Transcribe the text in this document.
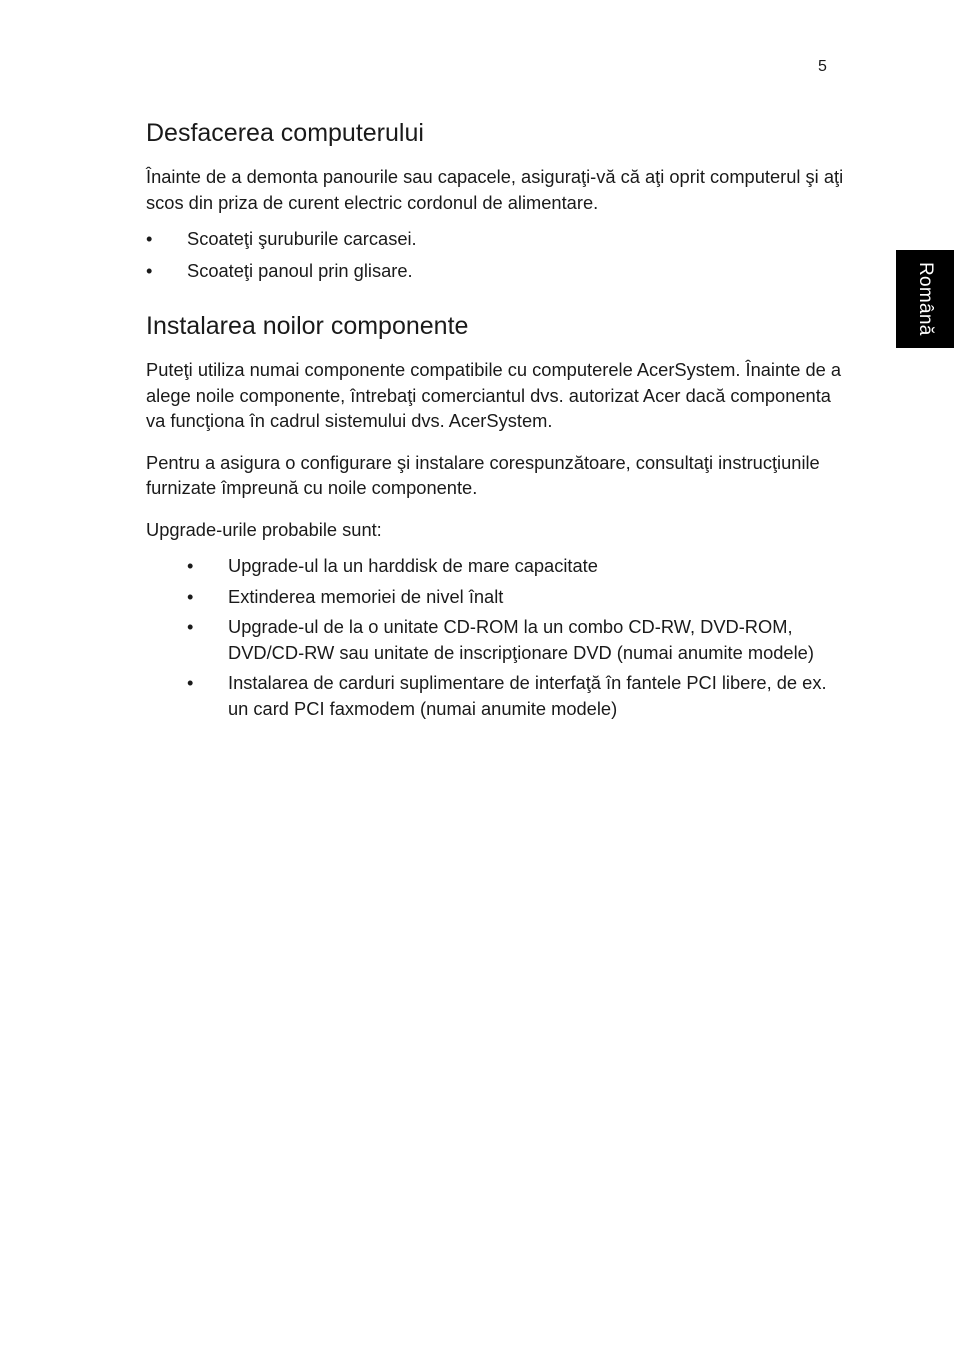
5
Română
Desfacerea computerului

Înainte de a demonta panourile sau capacele, asiguraţi-vă că aţi oprit computerul şi aţi scos din priza de curent electric cordonul de alimentare.

• Scoateţi şuruburile carcasei.
• Scoateţi panoul prin glisare.
Instalarea noilor componente

Puteţi utiliza numai componente compatibile cu computerele AcerSystem. Înainte de a alege noile componente, întrebaţi comerciantul dvs. autorizat Acer dacă componenta va funcţiona în cadrul sistemului dvs. AcerSystem.

Pentru a asigura o configurare şi instalare corespunzătoare, consultaţi instrucţiunile furnizate împreună cu noile componente.

Upgrade-urile probabile sunt:

• Upgrade-ul la un harddisk de mare capacitate
• Extinderea memoriei de nivel înalt
• Upgrade-ul de la o unitate CD-ROM la un combo CD-RW, DVD-ROM, DVD/CD-RW sau unitate de inscripţionare DVD (numai anumite modele)
• Instalarea de carduri suplimentare de interfaţă în fantele PCI libere, de ex. un card PCI faxmodem (numai anumite modele)
